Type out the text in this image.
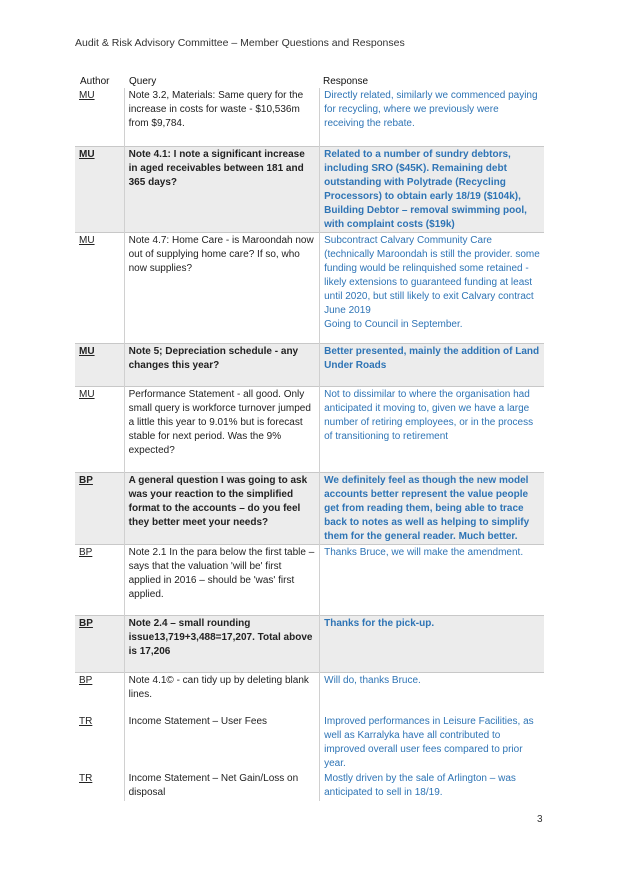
Audit & Risk Advisory Committee – Member Questions and Responses
Author Query	Response
MU	Note 3.2, Materials: Same query for the increase in costs for waste - $10,536m from $9,784.	Directly related, similarly we commenced paying for recycling, where we previously were receiving the rebate.
MU	Note 4.1: I note a significant increase in aged receivables between 181 and 365 days?	Related to a number of sundry debtors, including SRO ($45K). Remaining debt outstanding with Polytrade (Recycling Processors) to obtain early 18/19 ($104k), Building Debtor – removal swimming pool, with complaint costs ($19k)
MU	Note 4.7: Home Care - is Maroondah now out of supplying home care? If so, who now supplies?	Subcontract Calvary Community Care (technically Maroondah is still the provider. some funding would be relinquished some retained - likely extensions to guaranteed funding at least until 2020, but still likely to exit Calvary contract June 2019
Going to Council in September.
MU	Note 5; Depreciation schedule - any changes this year?	Better presented, mainly the addition of Land Under Roads
MU	Performance Statement - all good. Only small query is workforce turnover jumped a little this year to 9.01% but is forecast stable for next period. Was the 9% expected?	Not to dissimilar to where the organisation had anticipated it moving to, given we have a large number of retiring employees, or in the process of transitioning to retirement
BP	A general question I was going to ask was your reaction to the simplified format to the accounts – do you feel they better meet your needs?	We definitely feel as though the new model accounts better represent the value people get from reading them, being able to trace back to notes as well as helping to simplify them for the general reader. Much better.
BP	Note 2.1 In the para below the first table – says that the valuation 'will be' first applied in 2016 – should be 'was' first applied.	Thanks Bruce, we will make the amendment.
BP	Note 2.4 – small rounding issue13,719+3,488=17,207. Total above is 17,206	Thanks for the pick-up.
BP	Note 4.1© - can tidy up by deleting blank lines.	Will do, thanks Bruce.
TR	Income Statement – User Fees	Improved performances in Leisure Facilities, as well as Karralyka have all contributed to improved overall user fees compared to prior year.
TR	Income Statement – Net Gain/Loss on disposal	Mostly driven by the sale of Arlington – was anticipated to sell in 18/19.
3
